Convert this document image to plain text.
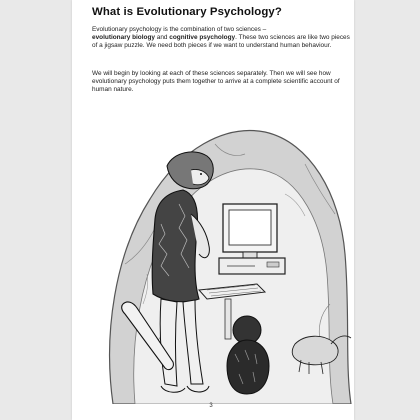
What is Evolutionary Psychology?

Evolutionary psychology is the combination of two sciences –
evolutionary biology and cognitive psychology. These two sciences are like two pieces of a jigsaw puzzle. We need both pieces if we want to understand human behaviour.

We will begin by looking at each of these sciences separately. Then we will see how evolutionary psychology puts them together to arrive at a complete scientific account of human nature.

3
